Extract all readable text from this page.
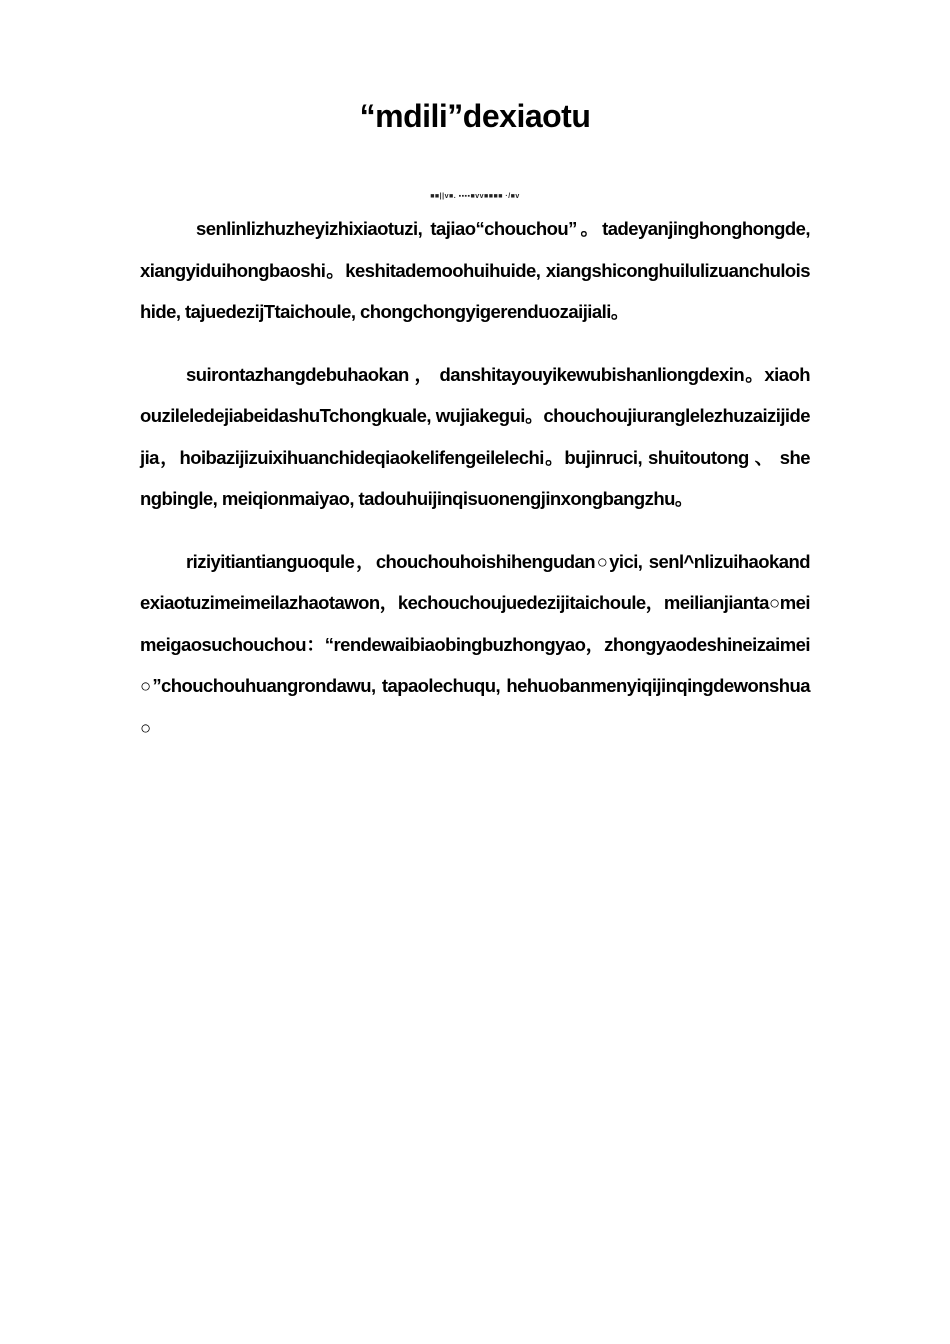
“mdili”dexiaotu
■■||v■. ▪▪▪▪■vv■■■■ ·/■v

senlinlizhuzheyizhixiaotuzi, tajiao“chouchou”。tadeyanjinghonghongde, xiangyiduihongbaoshi。keshitademoohuihuide, xiangshiconghuilulizuanchuloishide, tajuedezijTtaichoule, chongchongyigerenduozaijiali。

suirontazhangdebuhaokan ， danshitayouyikewubishanliongdexin。xiaohouzileledejiabeidashuTchongkuale, wujiakegui。chouchoujiuranglelezhuzaizijidejia，hoibazijizuixihuanchideqiaokelifengeilelechi。bujinruci, shuitoutong 、 shengbingle, meiqionmaiyao, tadouhuijinqisuonengjinxongbangzhu。

riziyitiantianguoqule，chouchouhoishihengudan○yici, senl^nlizuihaokandexiaotuzimeimeilazhaotawon，kechouchoujuedezijitaichoule，meilianjianta○meimeigaosuchouchou：“rendewaibiaobingbuzhongyao，zhongyaodeshineizaimei○”chouchouhuangrondawu, tapaolechuqu, hehuobanmenyiqijinqingdewonshua○
